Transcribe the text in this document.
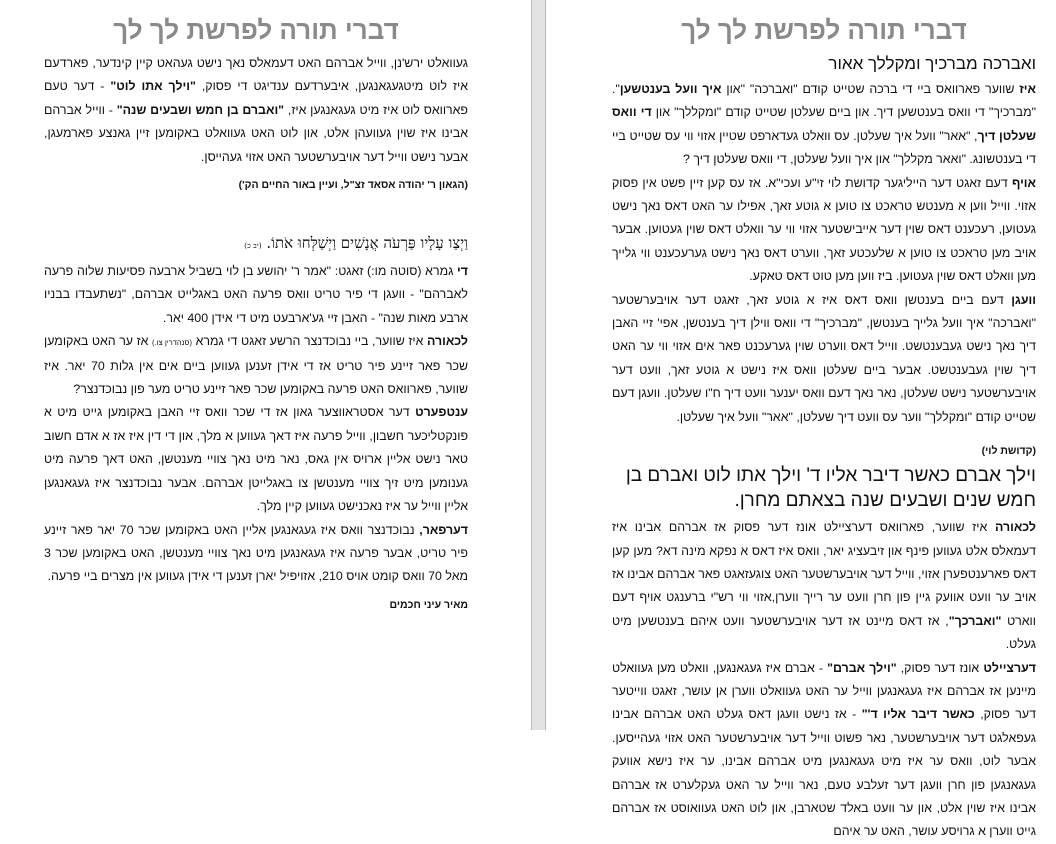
דברי תורה לפרשת לך לך

געוואלט ירש'נן, ווייל אברהם האט דעמאלס נאך נישט געהאט קיין קינדער, פארדעם איז לוט מיטגעגאנגען, איבערדעם ענדיגט די פסוק, "וילך אתו לוט" - דער טעם פארוואס לוט איז מיט געגאנגען איז, "ואברם בן חמש ושבעים שנה" - ווייל אברהם אבינו איז שוין געוועהן אלט, און לוט האט געוואלט באקומען זיין גאנצע פארמעגן, אבער נישט ווייל דער אויבערשטער האט אזוי געהייסן.

(הגאון ר' יהודה אסאד זצ"ל, ועיין באור החיים הק')
וַיְצַו עָלָיו פַּרְעֹה אֲנָשִׁים וַיְשַׁלְּחוּ אֹתוֹ. (יב כ)

די גמרא (סוטה מו:) זאגט: "אמר ר' יהושע בן לוי בשביל ארבעה פסיעות שלוה פרעה לאברהם" - וועגן די פיר טריט וואס פרעה האט באגלייט אברהם, "נשתעבדו בבניו ארבע מאות שנה" - האבן זיי גע'ארבעט מיט די אידן 400 יאר.

לכאורה איז שווער, ביי נבוכדנצר הרשע זאגט די גמרא (סנהדרין צו.) אז ער האט באקומען שכר פאר זיינע פיר טריט אז די אידן זענען געווען ביים אים אין גלות 70 יאר. איז שווער, פארוואס האט פרעה באקומען שכר פאר זיינע טריט מער פון נבוכדנצר?

ענטפערט דער אסטראווצער גאון אז די שכר וואס זיי האבן באקומען גייט מיט א פונקטליכער חשבון, ווייל פרעה איז דאך געווען א מלך, און די דין איז אז א אדם חשוב טאר נישט אליין ארויס אין גאס, נאר מיט נאך צוויי מענטשן, האט דאך פרעה מיט גענומען מיט זיך צוויי מענטשן צו באגלייטן אברהם. אבער נבוכדנצר איז געגאנגען אליין ווייל ער איז נאכנישט געווען קיין מלך.

דערפאר, נבוכדנצר וואס איז געגאנגען אליין האט באקומען שכר 70 יאר פאר זיינע פיר טריט, אבער פרעה איז געגאנגען מיט נאך צוויי מענטשן, האט באקומען שכר 3 מאל 70 וואס קומט אויס 210, אזויפיל יארן זענען די אידן געווען אין מצרים ביי פרעה.

מאיר עיני חכמים
דברי תורה לפרשת לך לך
ואברכה מברכיך ומקללך אאור

איז שווער פארוואס ביי די ברכה שטייט קודם "ואברכה" "און איך וועל בענטשען". "מברכיך" די וואס בענטשען דיך. און ביים שעלטן שטייט קודם "ומקללך" און די וואס שעלטן דיך, "אאר" וועל איך שעלטן. עס וואלט געדארפט שטיין אזוי ווי עס שטייט ביי די בענטשונג. "ואאר מקללך" און איך וועל שעלטן, די וואס שעלטן דיך ?

אויף דעם זאגט דער הייליגער קדושת לוי זי"ע ועכי"א. אז עס קען זיין פשט אין פסוק אזוי. ווייל ווען א מענטש טראכט צו טוען א גוטע זאך, אפילו ער האט דאס נאך נישט געטוען, רעכענט דאס שוין דער אייבישטער אזוי ווי ער וואלט דאס שוין געטוען. אבער אויב מען טראכט צו טוען א שלעכטע זאך, ווערט דאס נאך נישט גערעכענט ווי גלייך מען וואלט דאס שוין געטוען. ביז ווען מען טוט דאס טאקע.

וועגן דעם ביים בענטשן וואס דאס איז א גוטע זאך, זאגט דער אויבערשטער "ואברכה" איך וועל גלייך בענטשן, "מברכיך" די וואס ווילן דיך בענטשן, אפי' זיי האבן דיך נאך נישט געבענטשט. ווייל דאס ווערט שוין גערעכנט פאר אים אזוי ווי ער האט דיך שוין געבענטשט. אבער ביים שעלטן וואס איז נישט א גוטע זאך, וועט דער אויבערשטער נישט שעלטן, נאר נאך דעם וואס יענער וועט דיך ח"ו שעלטן. וועגן דעם שטייט קודם "ומקללך" ווער עס וועט דיך שעלטן, "אאר" וועל איך שעלטן.

(קדושת לוי)
וילך אברם כאשר דיבר אליו ד' וילך אתו לוט ואברם בן חמש שנים ושבעים שנה בצאתם מחרן.

לכאורה איז שווער, פארוואס דערציילט אונז דער פסוק אז אברהם אבינו איז דעמאלס אלט געווען פינף און זיבעציג יאר, וואס איז דאס א נפקא מינה דא? מען קען דאס פארענטפערן אזוי, ווייל דער אויבערשטער האט צוגעזאגט פאר אברהם אבינו אז אויב ער וועט אוועק גיין פון חרן וועט ער רייך ווערן,אזוי ווי רש"י ברענגט אויף דעם ווארט "ואברכך", אז דאס מיינט אז דער אויבערשטער וועט איהם בענטשען מיט געלט.

דערציילט אונז דער פסוק, "וילך אברם" - אברם איז געגאנגען, וואלט מען געוואלט מיינען אז אברהם איז געגאנגען ווייל ער האט געוואלט ווערן אן עושר, זאגט ווייטער דער פסוק, כאשר דיבר אליו ד'" - אז נישט וועגן דאס געלט האט אברהם אבינו געפאלגט דער אויבערשטער, נאר פשוט ווייל דער אויבערשטער האט אזוי געהייסען. אבער לוט, וואס ער איז מיט געגאנגען מיט אברהם אבינו, ער איז נישא אוועק געגאנגען פון חרן וועגן דער זעלבע טעם, נאר ווייל ער האט געקלערט אז אברהם אבינו איז שוין אלט, און ער וועט באלד שטארבן, און לוט האט געוואוסט אז אברהם גייט ווערן א גרויסע עושר, האט ער איהם
